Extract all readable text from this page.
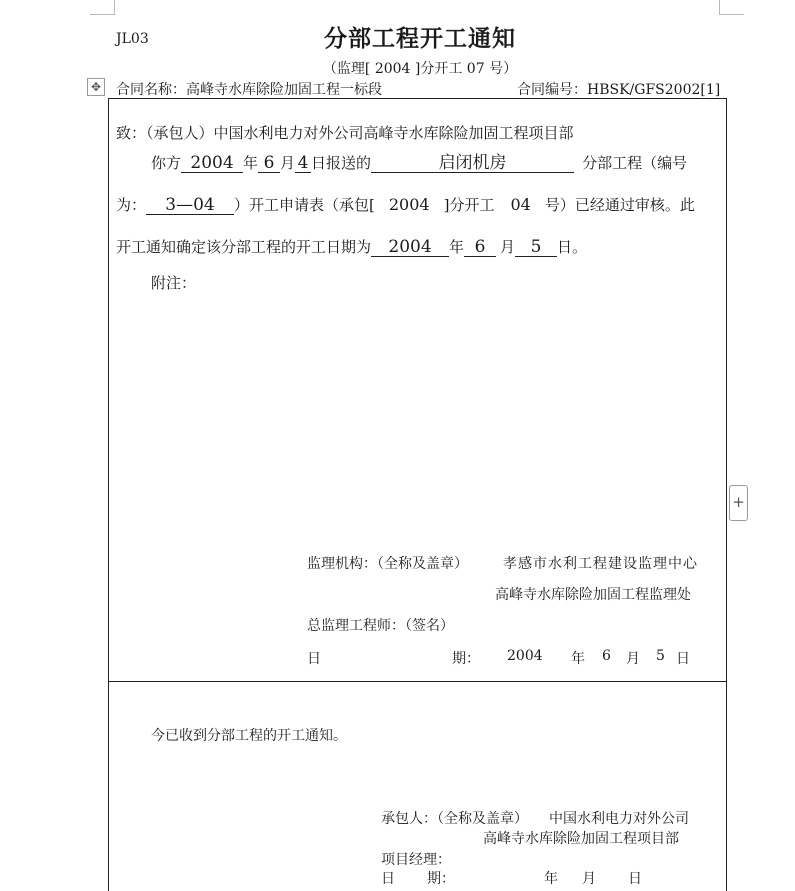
JL03	分部工程开工通知
（监理[ 2004 ]分开工 07 号）
✥ 合同名称：高峰寺水库除险加固工程一标段	合同编号：HBSK/GFS2002[1]
致：（承包人）中国水利电力对外公司高峰寺水库除险加固工程项目部
你方 2004 年 6 月 4 日报送的	启闭机房	分部工程（编号
为： 3—04 ）开工申请表（承包[ 2004 ]分开工 04 号）已经通过审核。此
开工通知确定该分部工程的开工日期为 2004 年 6 月 5 日。
附注：
监理机构：（全称及盖章）	孝感市水利工程建设监理中心
高峰寺水库除险加固工程监理处
总监理工程师：（签名）
日	期： 2004 年 6 月 5 日
+
今已收到分部工程的开工通知。
承包人：（全称及盖章） 中国水利电力对外公司
高峰寺水库除险加固工程项目部
项目经理：
日 期：	年 月 日
